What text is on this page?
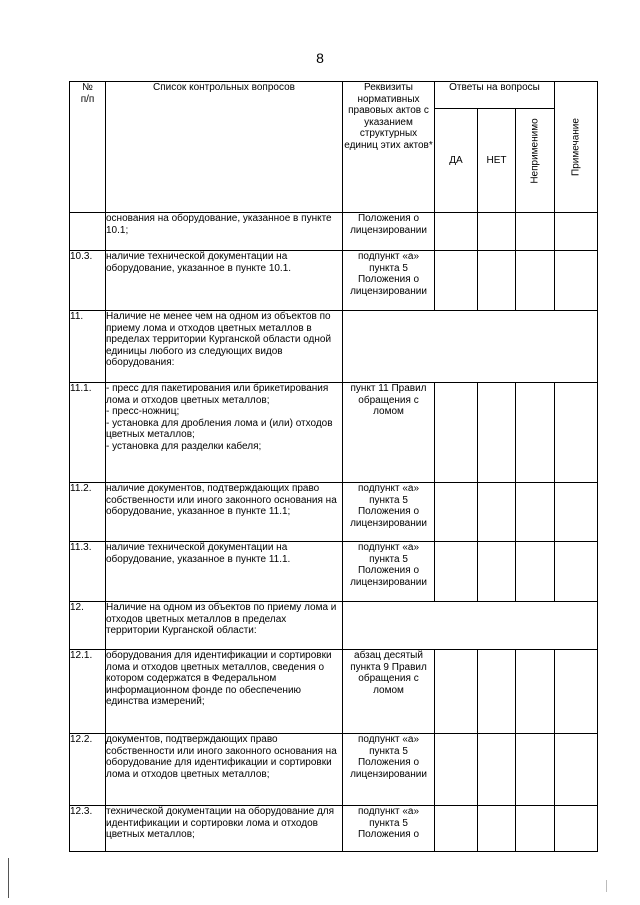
8
№
п/п	Список контрольных вопросов	Реквизиты нормативных правовых актов с указанием структурных единиц этих актов*	Ответы на вопросы			Примечание

			ДА	НЕТ	Неприменимо	

	основания на оборудование, указанное в пункте 10.1;	Положения о лицензировании				
10.3.	наличие технической документации на оборудование, указанное в пункте 10.1.	подпункт «а» пункта 5 Положения о лицензировании				
11.	Наличие не менее чем на одном из объектов по приему лома и отходов цветных металлов в пределах территории Курганской области одной единицы любого из следующих видов оборудования:					
11.1.	- пресс для пакетирования или брикетирования лома и отходов цветных металлов;
- пресс-ножниц;
- установка для дробления лома и (или) отходов цветных металлов;
- установка для разделки кабеля;	пункт 11 Правил обращения с ломом				
11.2.	наличие документов, подтверждающих право собственности или иного законного основания на оборудование, указанное в пункте 11.1;	подпункт «а» пункта 5 Положения о лицензировании				
11.3.	наличие технической документации на оборудование, указанное в пункте 11.1.	подпункт «а» пункта 5 Положения о лицензировании				
12.	Наличие на одном из объектов по приему лома и отходов цветных металлов в пределах территории Курганской области:					
12.1.	оборудования для идентификации и сортировки лома и отходов цветных металлов, сведения о котором содержатся в Федеральном информационном фонде по обеспечению единства измерений;	абзац десятый пункта 9 Правил обращения с ломом				
12.2.	документов, подтверждающих право собственности или иного законного основания на оборудование для идентификации и сортировки лома и отходов цветных металлов;	подпункт «а» пункта 5 Положения о лицензировании				
12.3.	технической документации на оборудование для идентификации и сортировки лома и отходов цветных металлов;	подпункт «а» пункта 5 Положения о				
